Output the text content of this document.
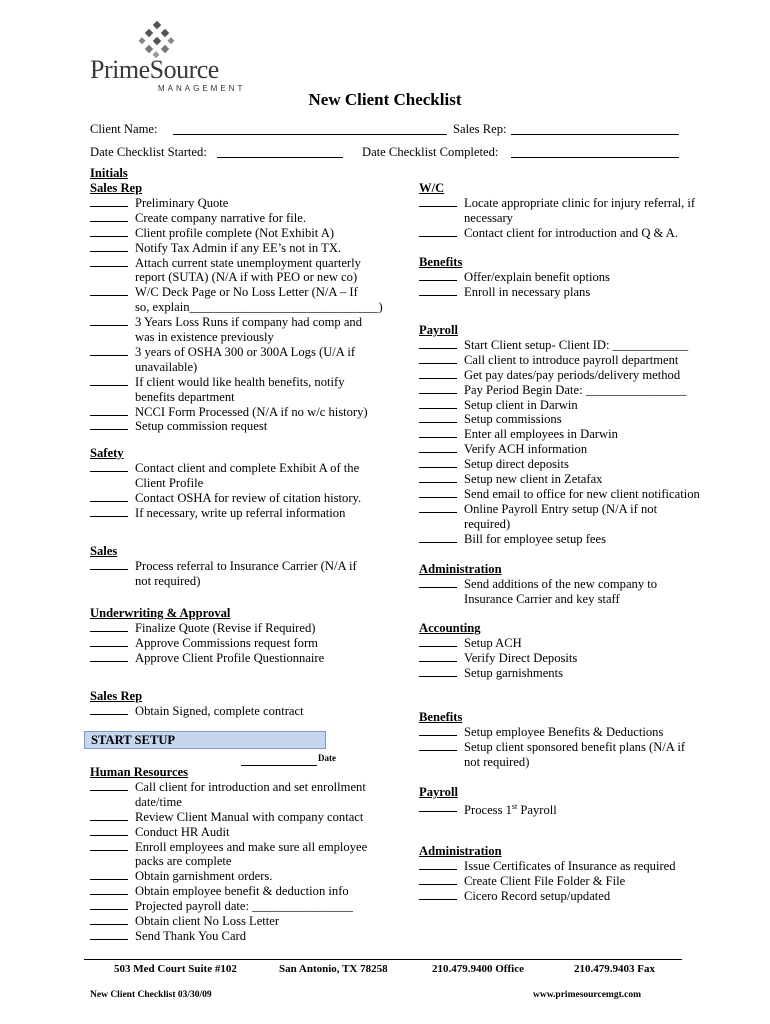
PrimeSource
MANAGEMENT
New Client Checklist
Client Name:	Sales Rep:
Date Checklist Started:	Date Checklist Completed:
Initials
Sales Rep
Preliminary Quote
Create company narrative for file.
Client profile complete (Not Exhibit A)
Notify Tax Admin if any EE’s not in TX.
Attach current state unemployment quarterly
report (SUTA) (N/A if with PEO or new co)
W/C Deck Page or No Loss Letter (N/A – If
so, explain______________________________)
3 Years Loss Runs if company had comp and
was in existence previously
3 years of OSHA 300 or 300A Logs (U/A if
unavailable)
If client would like health benefits, notify
benefits department
NCCI Form Processed (N/A if no w/c history)
Setup commission request
Safety
Contact client and complete Exhibit A of the
Client Profile
Contact OSHA for review of citation history.
If necessary, write up referral information
Sales
Process referral to Insurance Carrier (N/A if
not required)
Underwriting & Approval
Finalize Quote (Revise if Required)
Approve Commissions request form
Approve Client Profile Questionnaire
Sales Rep
Obtain Signed, complete contract
START SETUP
Date
Human Resources
Call client for introduction and set enrollment
date/time
Review Client Manual with company contact
Conduct HR Audit
Enroll employees and make sure all employee
packs are complete
Obtain garnishment orders.
Obtain employee benefit & deduction info
Projected payroll date: ________________
Obtain client No Loss Letter
Send Thank You Card
W/C
Locate appropriate clinic for injury referral, if
necessary
Contact client for introduction and Q & A.
Benefits
Offer/explain benefit options
Enroll in necessary plans
Payroll
Start Client setup- Client ID: ____________
Call client to introduce payroll department
Get pay dates/pay periods/delivery method
Pay Period Begin Date: ________________
Setup client in Darwin
Setup commissions
Enter all employees in Darwin
Verify ACH information
Setup direct deposits
Setup new client in Zetafax
Send email to office for new client notification
Online Payroll Entry setup (N/A if not
required)
Bill for employee setup fees
Administration
Send additions of the new company to
Insurance Carrier and key staff
Accounting
Setup ACH
Verify Direct Deposits
Setup garnishments
Benefits
Setup employee Benefits & Deductions
Setup client sponsored benefit plans (N/A if
not required)
Payroll
Process 1st Payroll
Administration
Issue Certificates of Insurance as required
Create Client File Folder & File
Cicero Record setup/updated
503 Med Court Suite #102	San Antonio, TX 78258	210.479.9400 Office	210.479.9403 Fax
New Client Checklist 03/30/09	www.primesourcemgt.com
